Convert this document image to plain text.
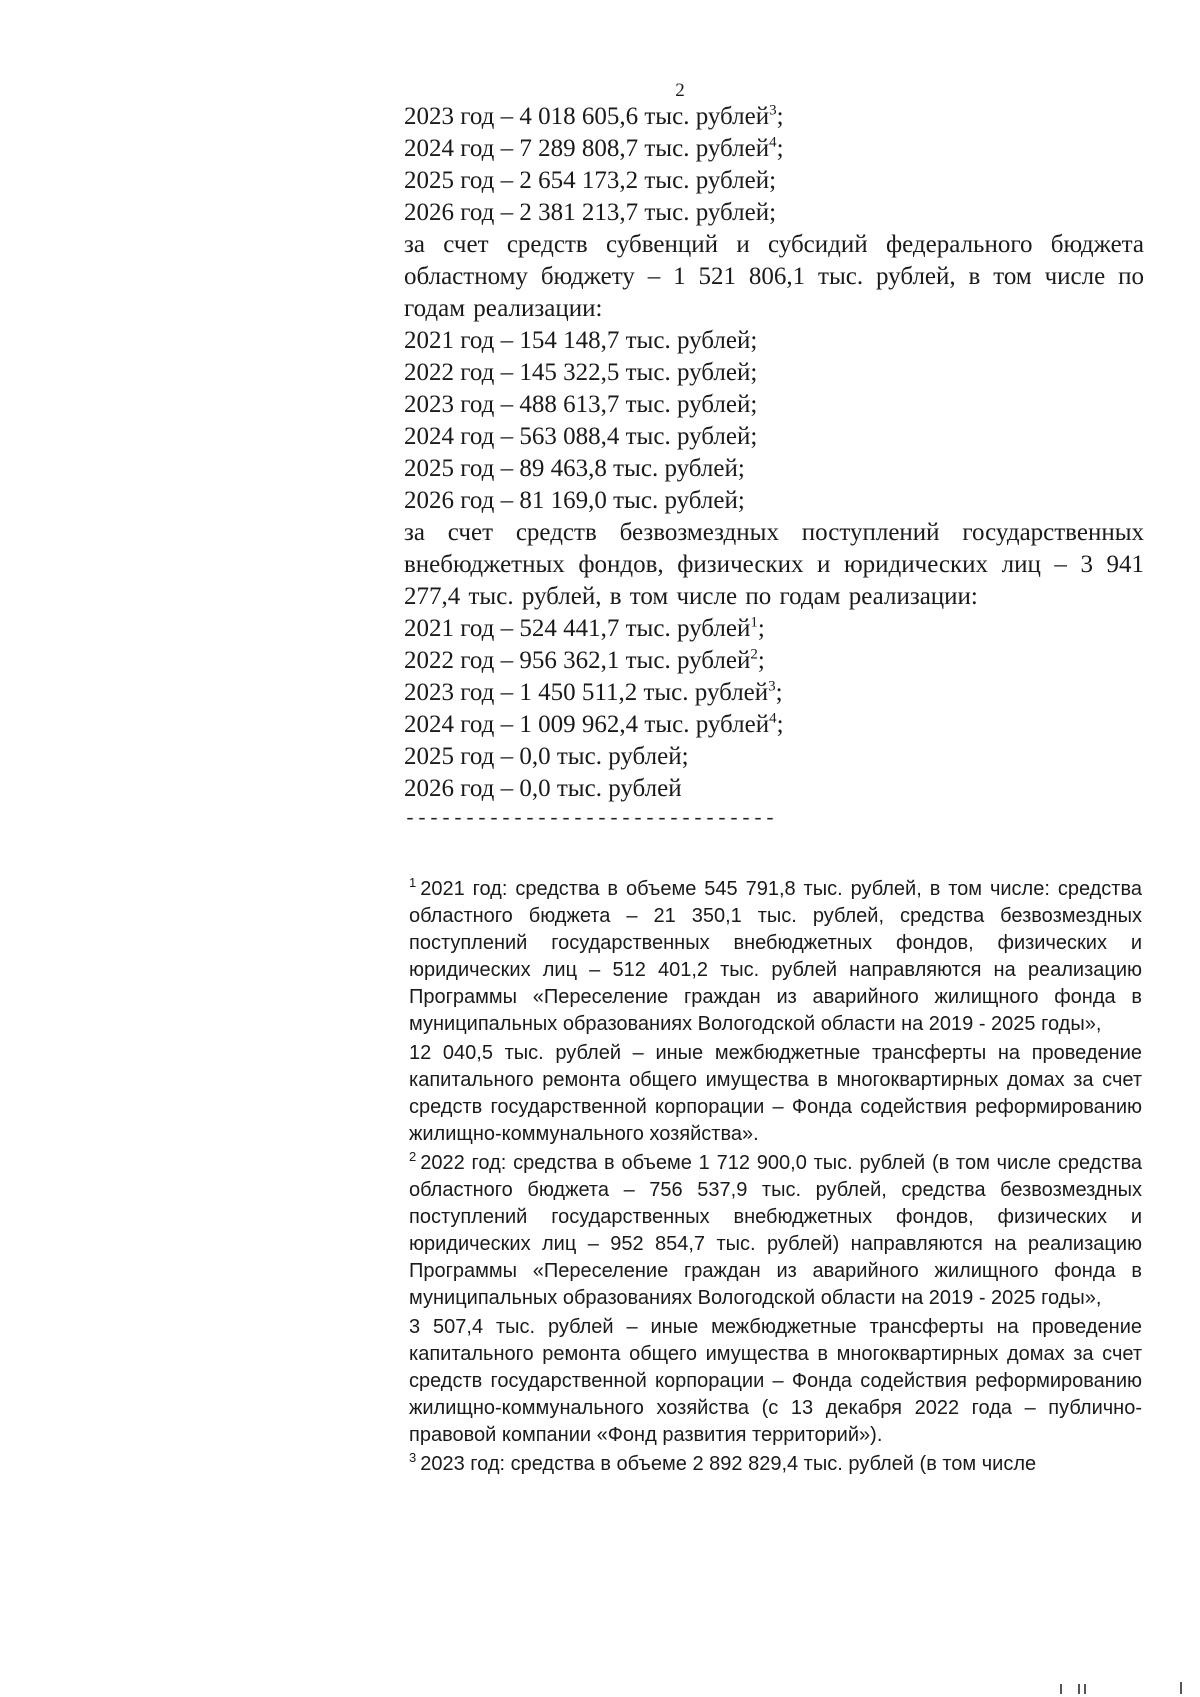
2
2023 год – 4 018 605,6 тыс. рублей$^3$;
2024 год – 7 289 808,7 тыс. рублей$^4$;
2025 год – 2 654 173,2 тыс. рублей;
2026 год – 2 381 213,7 тыс. рублей;
за счет средств субвенций и субсидий федерального бюджета областному бюджету – 1 521 806,1 тыс. рублей, в том числе по годам реализации:
2021 год – 154 148,7 тыс. рублей;
2022 год – 145 322,5 тыс. рублей;
2023 год – 488 613,7 тыс. рублей;
2024 год – 563 088,4 тыс. рублей;
2025 год – 89 463,8 тыс. рублей;
2026 год – 81 169,0 тыс. рублей;
за счет средств безвозмездных поступлений государственных внебюджетных фондов, физических и юридических лиц – 3 941 277,4 тыс. рублей, в том числе по годам реализации:
2021 год – 524 441,7 тыс. рублей$^1$;
2022 год – 956 362,1 тыс. рублей$^2$;
2023 год – 1 450 511,2 тыс. рублей$^3$;
2024 год – 1 009 962,4 тыс. рублей$^4$;
2025 год – 0,0 тыс. рублей;
2026 год – 0,0 тыс. рублей
-------------------------------
$^1$ 2021 год: средства в объеме 545 791,8 тыс. рублей, в том числе: средства областного бюджета – 21 350,1 тыс. рублей, средства безвозмездных поступлений государственных внебюджетных фондов, физических и юридических лиц – 512 401,2 тыс. рублей направляются на реализацию Программы «Переселение граждан из аварийного жилищного фонда в муниципальных образованиях Вологодской области на 2019 - 2025 годы»,
12 040,5 тыс. рублей – иные межбюджетные трансферты на проведение капитального ремонта общего имущества в многоквартирных домах за счет средств государственной корпорации – Фонда содействия реформированию жилищно-коммунального хозяйства».
$^2$ 2022 год: средства в объеме 1 712 900,0 тыс. рублей (в том числе средства областного бюджета – 756 537,9 тыс. рублей, средства безвозмездных поступлений государственных внебюджетных фондов, физических и юридических лиц – 952 854,7 тыс. рублей) направляются на реализацию Программы «Переселение граждан из аварийного жилищного фонда в муниципальных образованиях Вологодской области на 2019 - 2025 годы»,
3 507,4 тыс. рублей – иные межбюджетные трансферты на проведение капитального ремонта общего имущества в многоквартирных домах за счет средств государственной корпорации – Фонда содействия реформированию жилищно-коммунального хозяйства (с 13 декабря 2022 года – публично-правовой компании «Фонд развития территорий»).
$^3$ 2023 год: средства в объеме 2 892 829,4 тыс. рублей (в том числе
